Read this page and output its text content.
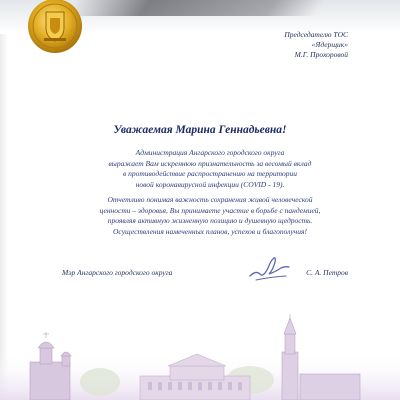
Председателю ТОС
«Ядерщик»
М.Г. Прохоровой
Уважаемая Марина Геннадьевна!
Администрация Ангарского городского округа
выражает Вам искреннюю признательность за весомый вклад
в противодействие распространению на территории
новой коронавирусной инфекции (COVID - 19).
Отчетливо понимая важность сохранения живой человеческой
ценности – здоровья, Вы принимаете участие в борьбе с пандемией,
проявляя активную жизненную позицию и душевную щедрость.
Осуществления намеченных планов, успехов и благополучия!
Мэр Ангарского городского округа	С. А. Петров
